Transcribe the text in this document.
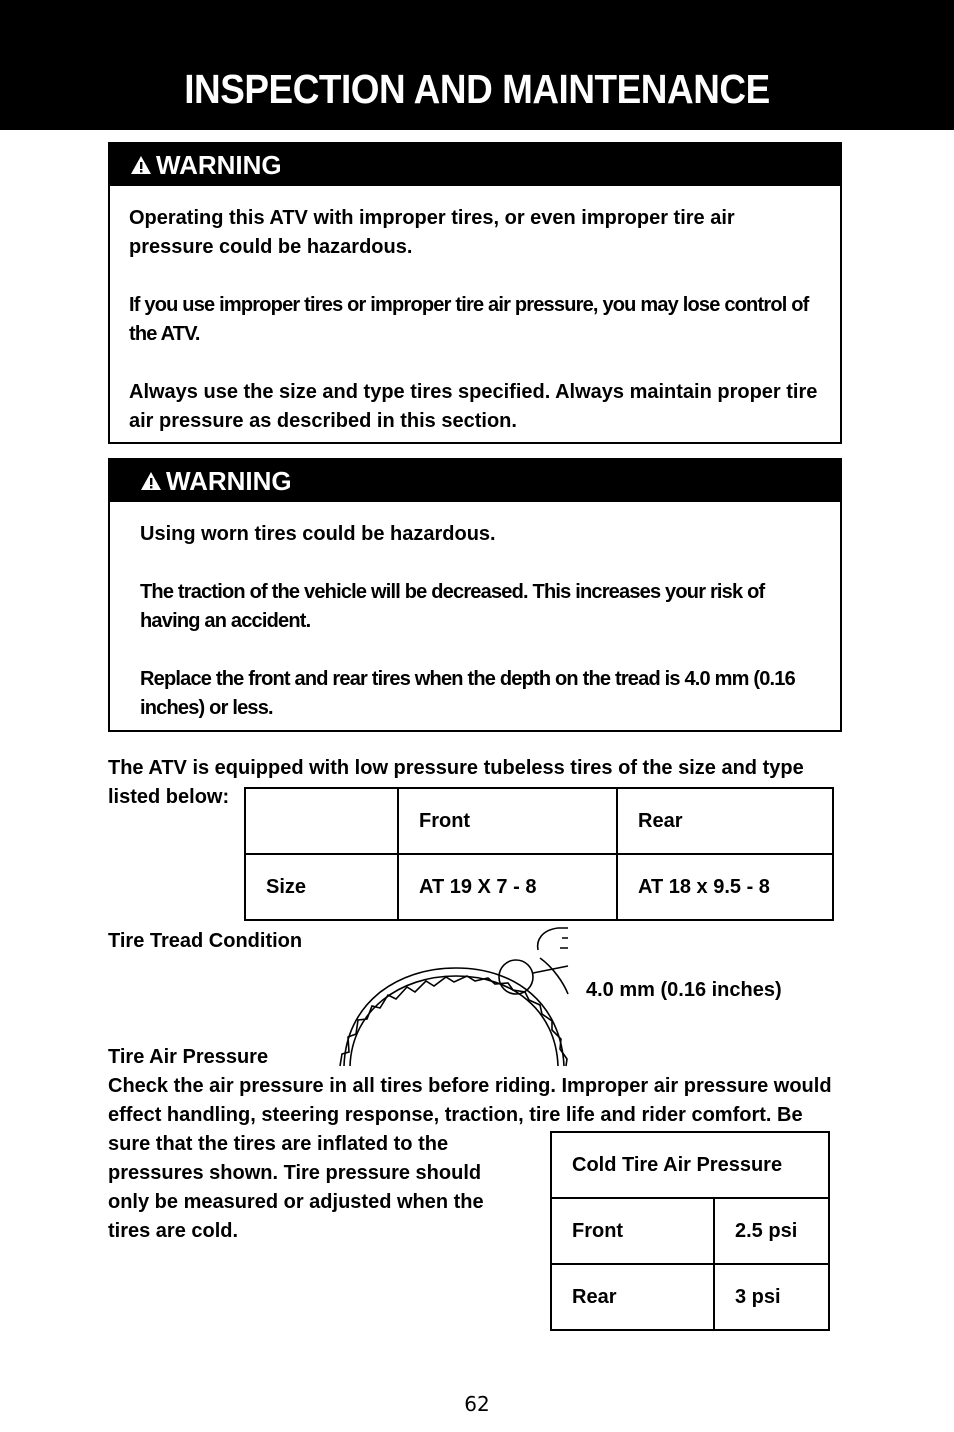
INSPECTION AND MAINTENANCE
WARNING

Operating this ATV with improper tires, or even improper tire air pressure could be hazardous.

If you use improper tires or improper tire air pressure, you may lose control of the ATV.

Always use the size and type tires specified. Always maintain proper tire air pressure as described in this section.

WARNING

Using worn tires could be hazardous.

The traction of the vehicle will be decreased. This increases your risk of having an accident.

Replace the front and rear tires when the depth on the tread is 4.0 mm (0.16 inches) or less.

The ATV is equipped with low pressure tubeless tires of the size and type listed below:
	Front	Rear
Size	AT 19 X 7 - 8	AT 18 x 9.5 - 8
Tire Tread Condition
4.0 mm (0.16 inches)
Tire Air Pressure
Check the air pressure in all tires before riding. Improper air pressure would effect handling, steering response, traction, tire life and rider comfort. Be
sure that the tires are inflated to the pressures shown. Tire pressure should only be measured or adjusted when the tires are cold.
Cold Tire Air Pressure	
Front	2.5 psi
Rear	3 psi
62
